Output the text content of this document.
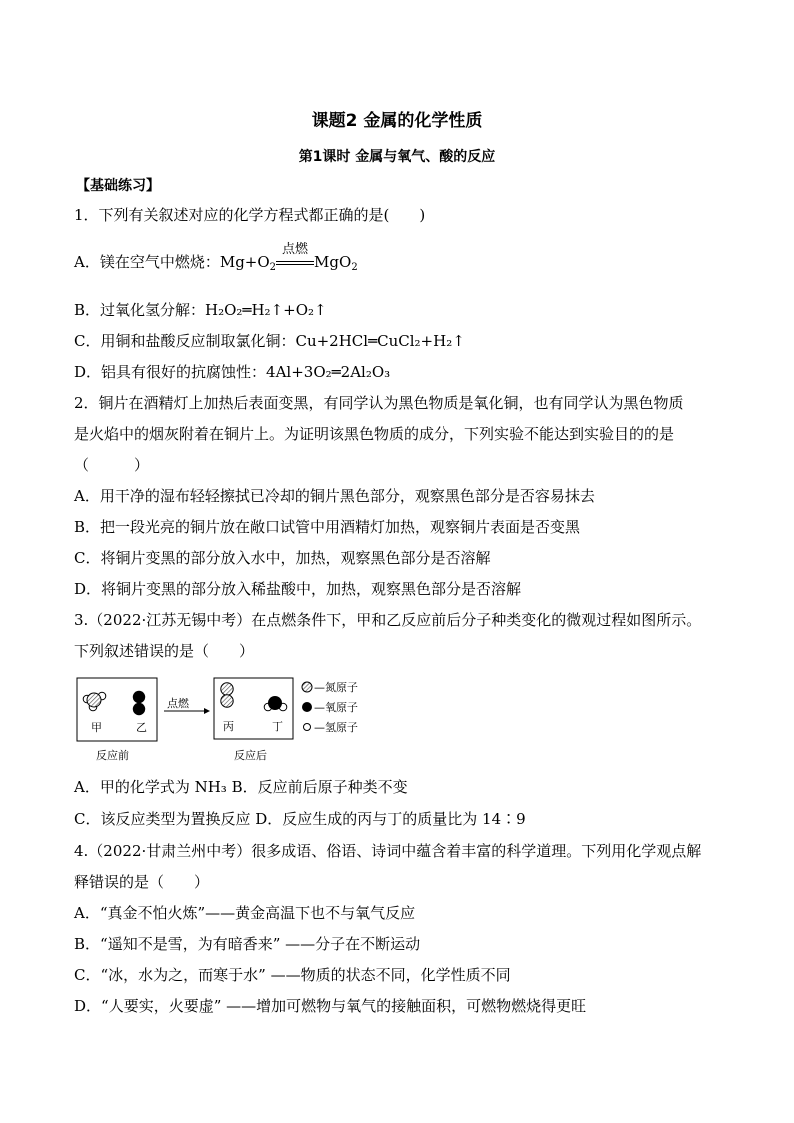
课题2 金属的化学性质
第1课时 金属与氧气、酸的反应
【基础练习】
1．下列有关叙述对应的化学方程式都正确的是(　　)
A．镁在空气中燃烧：$Mg+O_2$
点燃
MgO$_2$
B．过氧化氢分解：H₂O₂═H₂↑+O₂↑
C．用铜和盐酸反应制取氯化铜：Cu+2HCl═CuCl₂+H₂↑
D．铝具有很好的抗腐蚀性：4Al+3O₂═2Al₂O₃
2．铜片在酒精灯上加热后表面变黑，有同学认为黑色物质是氧化铜，也有同学认为黑色物质
是火焰中的烟灰附着在铜片上。为证明该黑色物质的成分，下列实验不能达到实验目的的是
（　　　）
A．用干净的湿布轻轻擦拭已冷却的铜片黑色部分，观察黑色部分是否容易抹去
B．把一段光亮的铜片放在敞口试管中用酒精灯加热，观察铜片表面是否变黑
C．将铜片变黑的部分放入水中，加热，观察黑色部分是否溶解
D．将铜片变黑的部分放入稀盐酸中，加热，观察黑色部分是否溶解
3.（2022·江苏无锡中考）在点燃条件下，甲和乙反应前后分子种类变化的微观过程如图所示。
下列叙述错误的是（　　）
甲	乙
反应前
点燃
丙	丁
反应后
—氮原子
—氧原子
—氢原子
A．甲的化学式为 NH₃ B．反应前后原子种类不变
C．该反应类型为置换反应 D．反应生成的丙与丁的质量比为 14∶9
4.（2022·甘肃兰州中考）很多成语、俗语、诗词中蕴含着丰富的科学道理。下列用化学观点解
释错误的是（　　）
A．“真金不怕火炼”——黄金高温下也不与氧气反应
B．“遥知不是雪，为有暗香来” ——分子在不断运动
C．“冰，水为之，而寒于水” ——物质的状态不同，化学性质不同
D．“人要实，火要虚” ——增加可燃物与氧气的接触面积，可燃物燃烧得更旺
